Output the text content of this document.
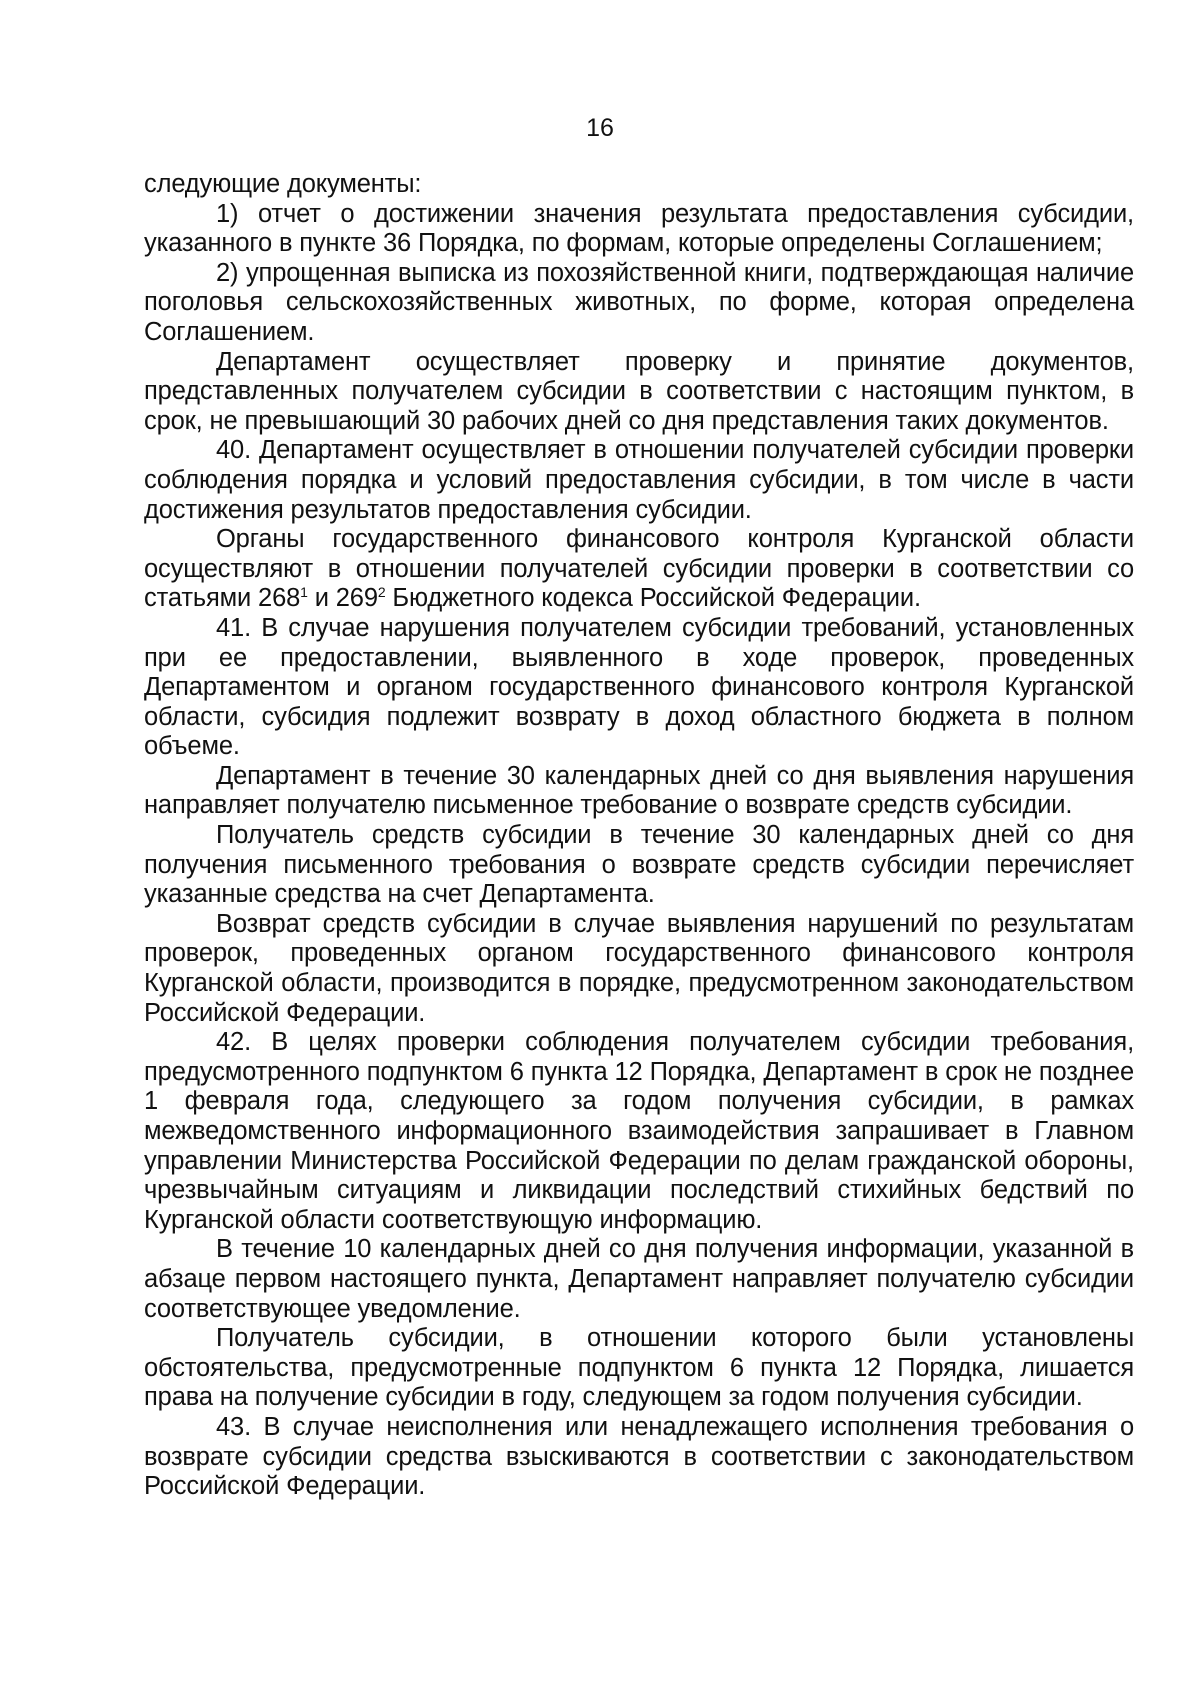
16

следующие документы:

1) отчет о достижении значения результата предоставления субсидии, указанного в пункте 36 Порядка, по формам, которые определены Соглашением;

2) упрощенная выписка из похозяйственной книги, подтверждающая наличие поголовья сельскохозяйственных животных, по форме, которая определена Соглашением.

Департамент осуществляет проверку и принятие документов, представленных получателем субсидии в соответствии с настоящим пунктом, в срок, не превышающий 30 рабочих дней со дня представления таких документов.

40. Департамент осуществляет в отношении получателей субсидии проверки соблюдения порядка и условий предоставления субсидии, в том числе в части достижения результатов предоставления субсидии.

Органы государственного финансового контроля Курганской области осуществляют в отношении получателей субсидии проверки в соответствии со статьями $268^1$ и $269^2$ Бюджетного кодекса Российской Федерации.

41. В случае нарушения получателем субсидии требований, установленных при ее предоставлении, выявленного в ходе проверок, проведенных Департаментом и органом государственного финансового контроля Курганской области, субсидия подлежит возврату в доход областного бюджета в полном объеме.

Департамент в течение 30 календарных дней со дня выявления нарушения направляет получателю письменное требование о возврате средств субсидии.

Получатель средств субсидии в течение 30 календарных дней со дня получения письменного требования о возврате средств субсидии перечисляет указанные средства на счет Департамента.

Возврат средств субсидии в случае выявления нарушений по результатам проверок, проведенных органом государственного финансового контроля Курганской области, производится в порядке, предусмотренном законодательством Российской Федерации.

42. В целях проверки соблюдения получателем субсидии требования, предусмотренного подпунктом 6 пункта 12 Порядка, Департамент в срок не позднее 1 февраля года, следующего за годом получения субсидии, в рамках межведомственного информационного взаимодействия запрашивает в Главном управлении Министерства Российской Федерации по делам гражданской обороны, чрезвычайным ситуациям и ликвидации последствий стихийных бедствий по Курганской области соответствующую информацию.

В течение 10 календарных дней со дня получения информации, указанной в абзаце первом настоящего пункта, Департамент направляет получателю субсидии соответствующее уведомление.

Получатель субсидии, в отношении которого были установлены обстоятельства, предусмотренные подпунктом 6 пункта 12 Порядка, лишается права на получение субсидии в году, следующем за годом получения субсидии.

43. В случае неисполнения или ненадлежащего исполнения требования о возврате субсидии средства взыскиваются в соответствии с законодательством Российской Федерации.
